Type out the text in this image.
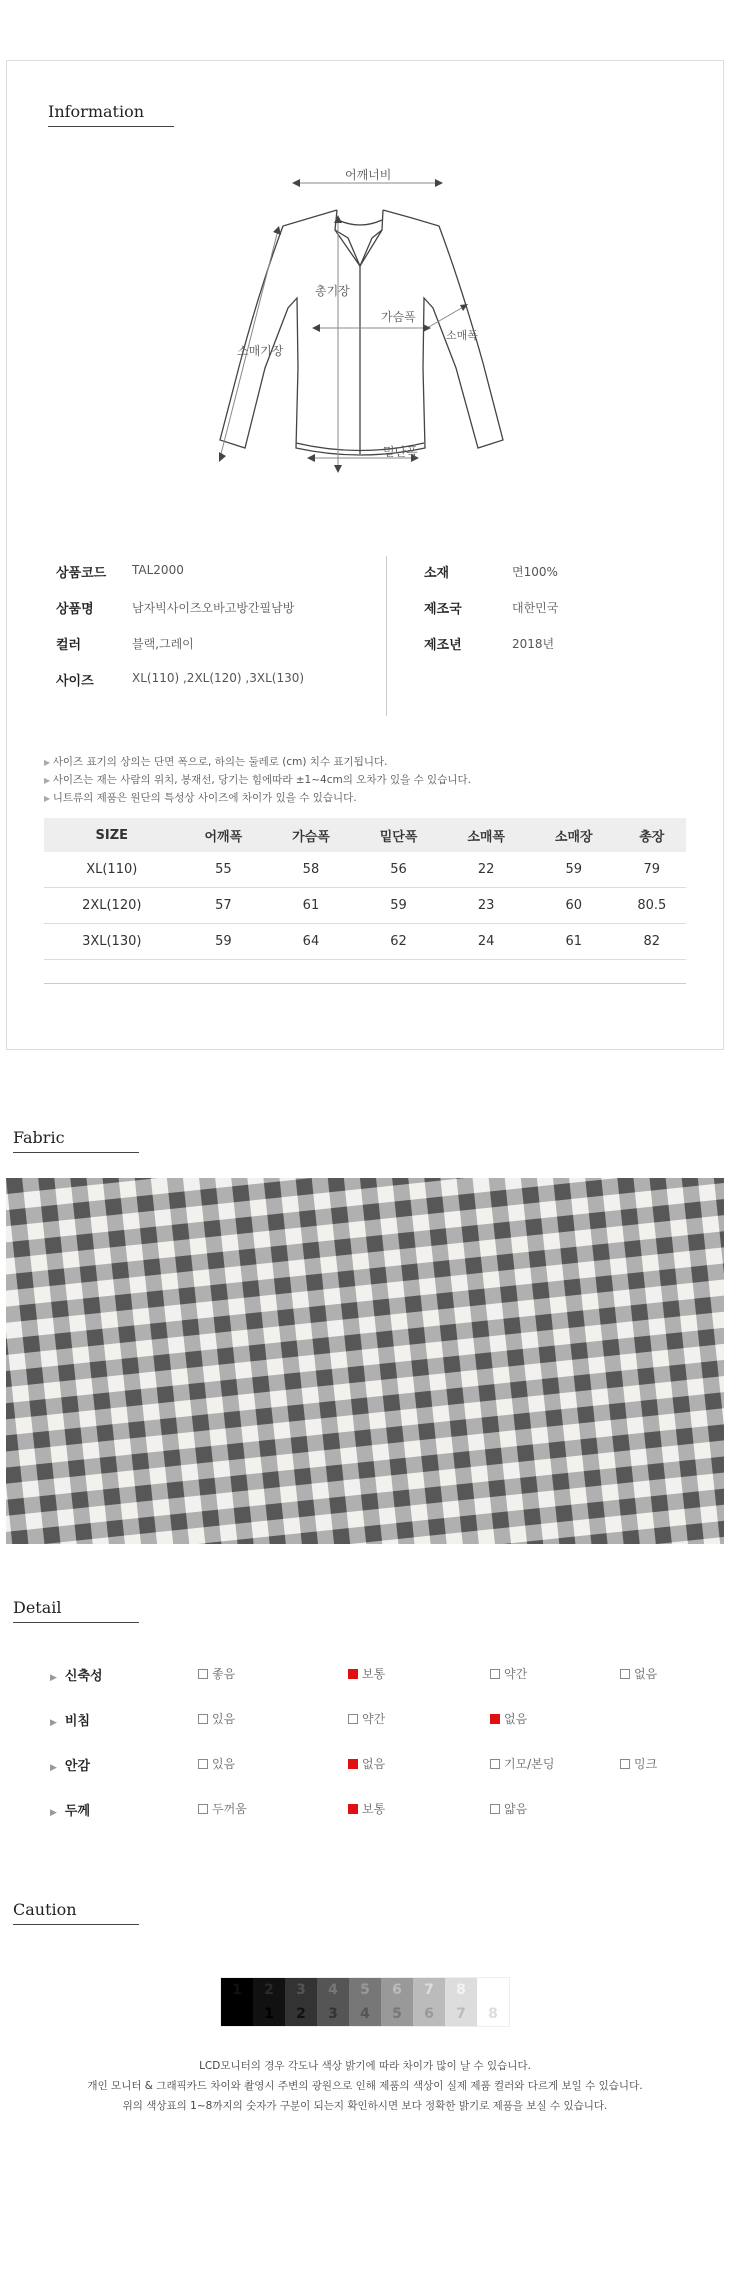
Information
어깨너비
총기장
가슴폭
소매기장
소매폭
밑단폭
상품코드 TAL2000
상품명	남자빅사이즈오바고방간필남방
컬러	블랙,그레이
사이즈	XL(110) ,2XL(120) ,3XL(130)
소재	면100%
제조국	대한민국
제조년	2018년
▶ 사이즈 표기의 상의는 단면 폭으로, 하의는 둘레로 (cm) 치수 표기됩니다.
▶ 사이즈는 재는 사람의 위치, 봉재선, 당기는 힘에따라 ±1~4cm의 오차가 있을 수 있습니다.
▶ 니트류의 제품은 원단의 특성상 사이즈에 차이가 있을 수 있습니다.
SIZE	어깨폭	가슴폭	밑단폭	소매폭	소매장	총장
XL(110)	55	58	56	22	59	79
2XL(120)	57	61	59	23	60	80.5
3XL(130)	59	64	62	24	61	82
Fabric
Detail
▶ 신축성	좋음	보통	약간	없음
▶ 비침	있음	약간	없음
▶ 안감	있음	없음	기모/본딩	밍크
▶ 두께	두꺼움	보통	얇음
Caution
1	2	3	4	5	6	7	8
1	2	3	4	5	6	7	8
LCD모니터의 경우 각도나 색상 밝기에 따라 차이가 많이 날 수 있습니다.
개인 모니터 & 그래픽카드 차이와 촬영시 주변의 광원으로 인해 제품의 색상이 실제 제품 컬러와 다르게 보일 수 있습니다.
위의 색상표의 1~8까지의 숫자가 구분이 되는지 확인하시면 보다 정확한 밝기로 제품을 보실 수 있습니다.
